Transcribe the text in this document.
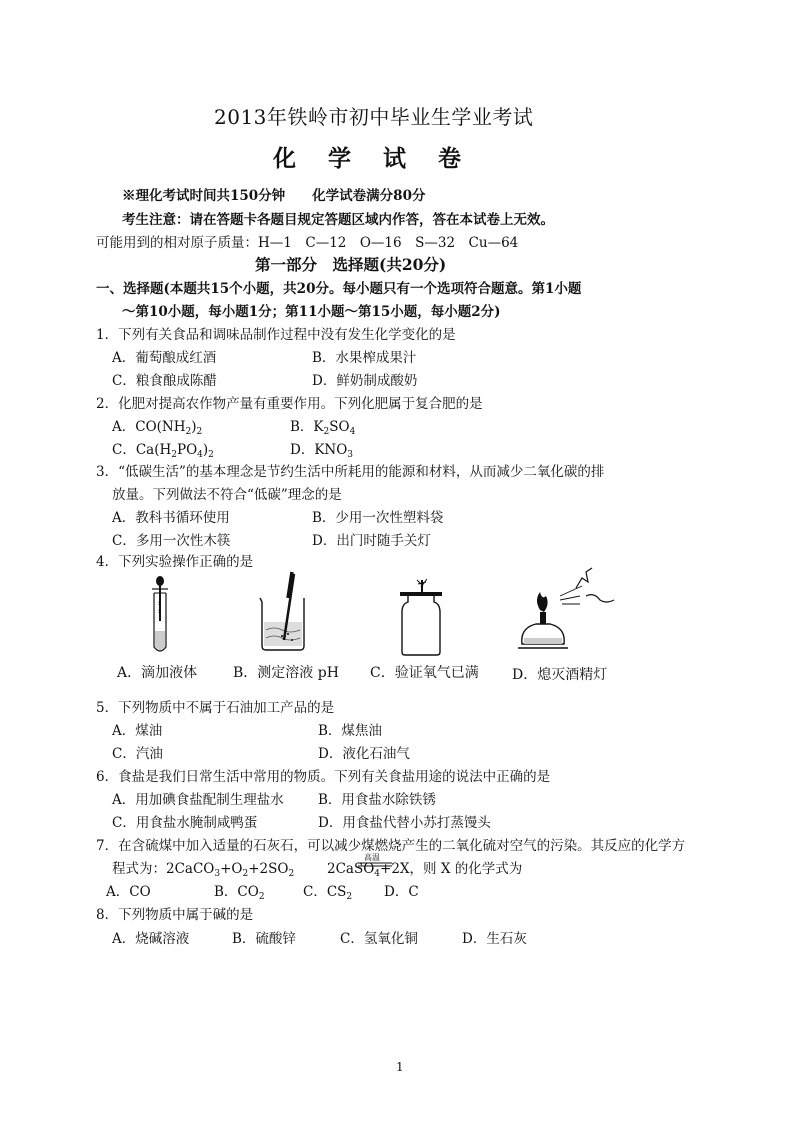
2013年铁岭市初中毕业生学业考试
化 学 试 卷
※理化考试时间共150分钟　　化学试卷满分80分
考生注意：请在答题卡各题目规定答题区域内作答，答在本试卷上无效。
可能用到的相对原子质量：H—1　C—12　O—16　S—32　Cu—64
第一部分　选择题(共20分)
一、选择题(本题共15个小题，共20分。每小题只有一个选项符合题意。第1小题
～第10小题，每小题1分；第11小题～第15小题，每小题2分)
1．下列有关食品和调味品制作过程中没有发生化学变化的是
A．葡萄酿成红酒	B．水果榨成果汁
C．粮食酿成陈醋	D．鲜奶制成酸奶
2．化肥对提高农作物产量有重要作用。下列化肥属于复合肥的是
A．$CO(NH_2)_2$	B．$K_2SO_4$
C．$Ca(H_2PO_4)_2$	D．$KNO_3$
3．“低碳生活”的基本理念是节约生活中所耗用的能源和材料，从而减少二氧化碳的排
放量。下列做法不符合“低碳”理念的是
A．教科书循环使用	B．少用一次性塑料袋
C．多用一次性木筷	D．出门时随手关灯
4．下列实验操作正确的是
5
5
A．滴加液体	B．测定溶液 pH C．验证氧气已满 D．熄灭酒精灯
5．下列物质中不属于石油加工产品的是
A．煤油	B．煤焦油
C．汽油	D．液化石油气
6．食盐是我们日常生活中常用的物质。下列有关食盐用途的说法中正确的是
A．用加碘食盐配制生理盐水	B．用食盐水除铁锈
C．用食盐水腌制咸鸭蛋	D．用食盐代替小苏打蒸馒头
7．在含硫煤中加入适量的石灰石，可以减少煤燃烧产生的二氧化硫对空气的污染。其反应的化学方
程式为：$2CaCO_3+O_2+2SO_2$
高温
2CaSO$_4$+2X，则 X 的化学式为
A．CO	B．$CO_2$	C．$CS_2$ D．C
8．下列物质中属于碱的是
A．烧碱溶液	B．硫酸锌	C．氢氧化铜	D．生石灰
1
